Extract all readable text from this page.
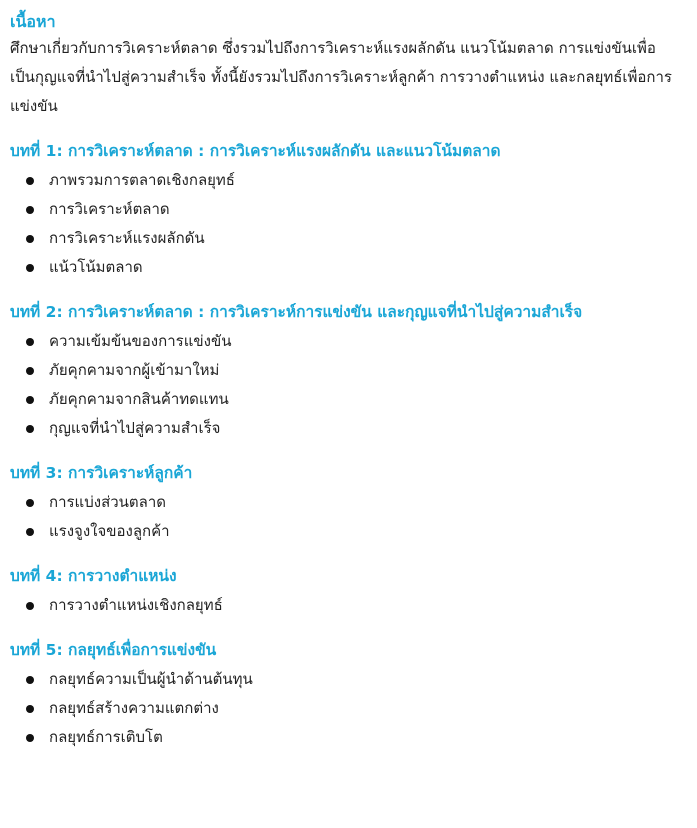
เนื้อหา

ศึกษาเกี่ยวกับการวิเคราะห์ตลาด ซึ่งรวมไปถึงการวิเคราะห์แรงผลักดัน แนวโน้มตลาด การแข่งขันเพื่อเป็นกุญแจที่นำไปสู่ความสำเร็จ ทั้งนี้ยังรวมไปถึงการวิเคราะห์ลูกค้า การวางตำแหน่ง และกลยุทธ์เพื่อการแข่งขัน

บทที่ 1: การวิเคราะห์ตลาด : การวิเคราะห์แรงผลักดัน และแนวโน้มตลาด
ภาพรวมการตลาดเชิงกลยุทธ์
การวิเคราะห์ตลาด
การวิเคราะห์แรงผลักดัน
แน้วโน้มตลาด
บทที่ 2: การวิเคราะห์ตลาด : การวิเคราะห์การแข่งขัน และกุญแจที่นำไปสู่ความสำเร็จ
ความเข้มข้นของการแข่งขัน
ภัยคุกคามจากผู้เข้ามาใหม่
ภัยคุกคามจากสินค้าทดแทน
กุญแจที่นำไปสู่ความสำเร็จ
บทที่ 3: การวิเคราะห์ลูกค้า
การแบ่งส่วนตลาด
แรงจูงใจของลูกค้า
บทที่ 4: การวางตำแหน่ง
การวางตำแหน่งเชิงกลยุทธ์
บทที่ 5: กลยุทธ์เพื่อการแข่งขัน
กลยุทธ์ความเป็นผู้นำด้านต้นทุน
กลยุทธ์สร้างความแตกต่าง
กลยุทธ์การเติบโต
